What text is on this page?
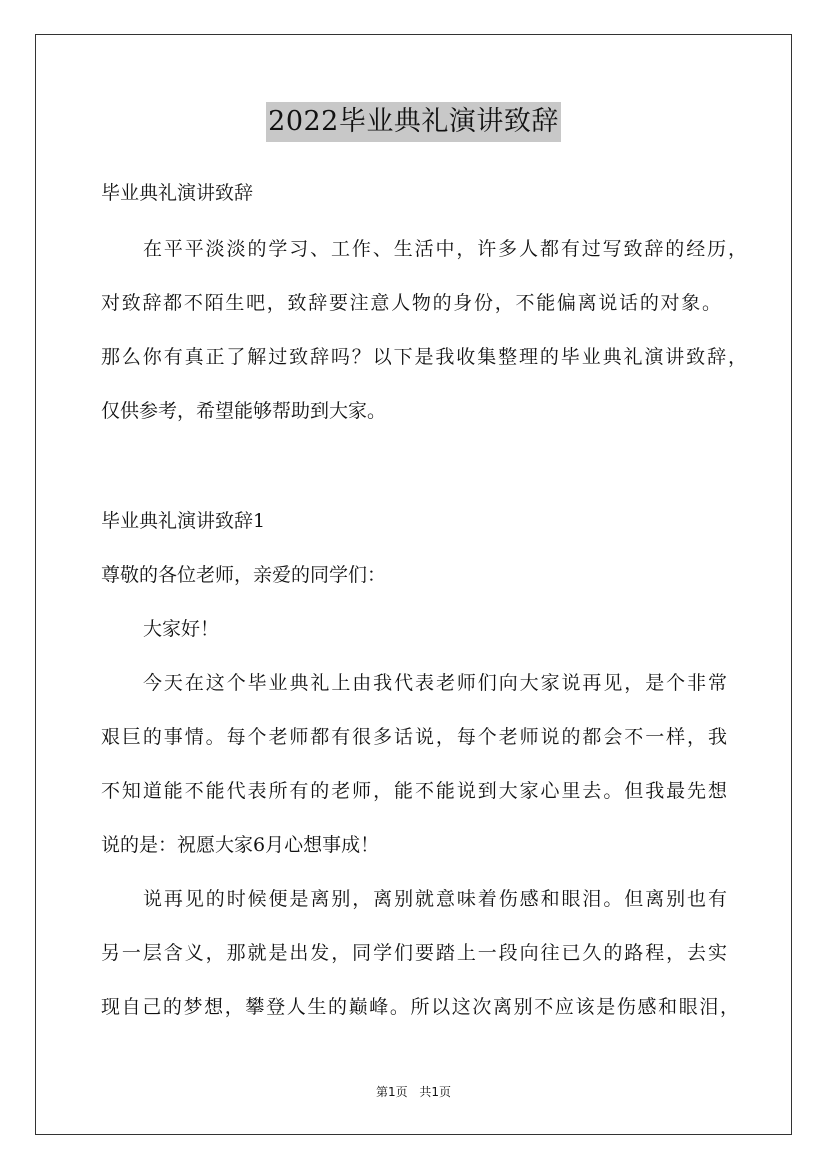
2022毕业典礼演讲致辞
毕业典礼演讲致辞
在平平淡淡的学习、工作、生活中，许多人都有过写致辞的经历，
对致辞都不陌生吧，致辞要注意人物的身份，不能偏离说话的对象。
那么你有真正了解过致辞吗？以下是我收集整理的毕业典礼演讲致辞，
仅供参考，希望能够帮助到大家。
毕业典礼演讲致辞1
尊敬的各位老师，亲爱的同学们：
大家好！
今天在这个毕业典礼上由我代表老师们向大家说再见，是个非常
艰巨的事情。每个老师都有很多话说，每个老师说的都会不一样，我
不知道能不能代表所有的老师，能不能说到大家心里去。但我最先想
说的是：祝愿大家6月心想事成！
说再见的时候便是离别，离别就意味着伤感和眼泪。但离别也有
另一层含义，那就是出发，同学们要踏上一段向往已久的路程，去实
现自己的梦想，攀登人生的巅峰。所以这次离别不应该是伤感和眼泪，
第1页 共1页
